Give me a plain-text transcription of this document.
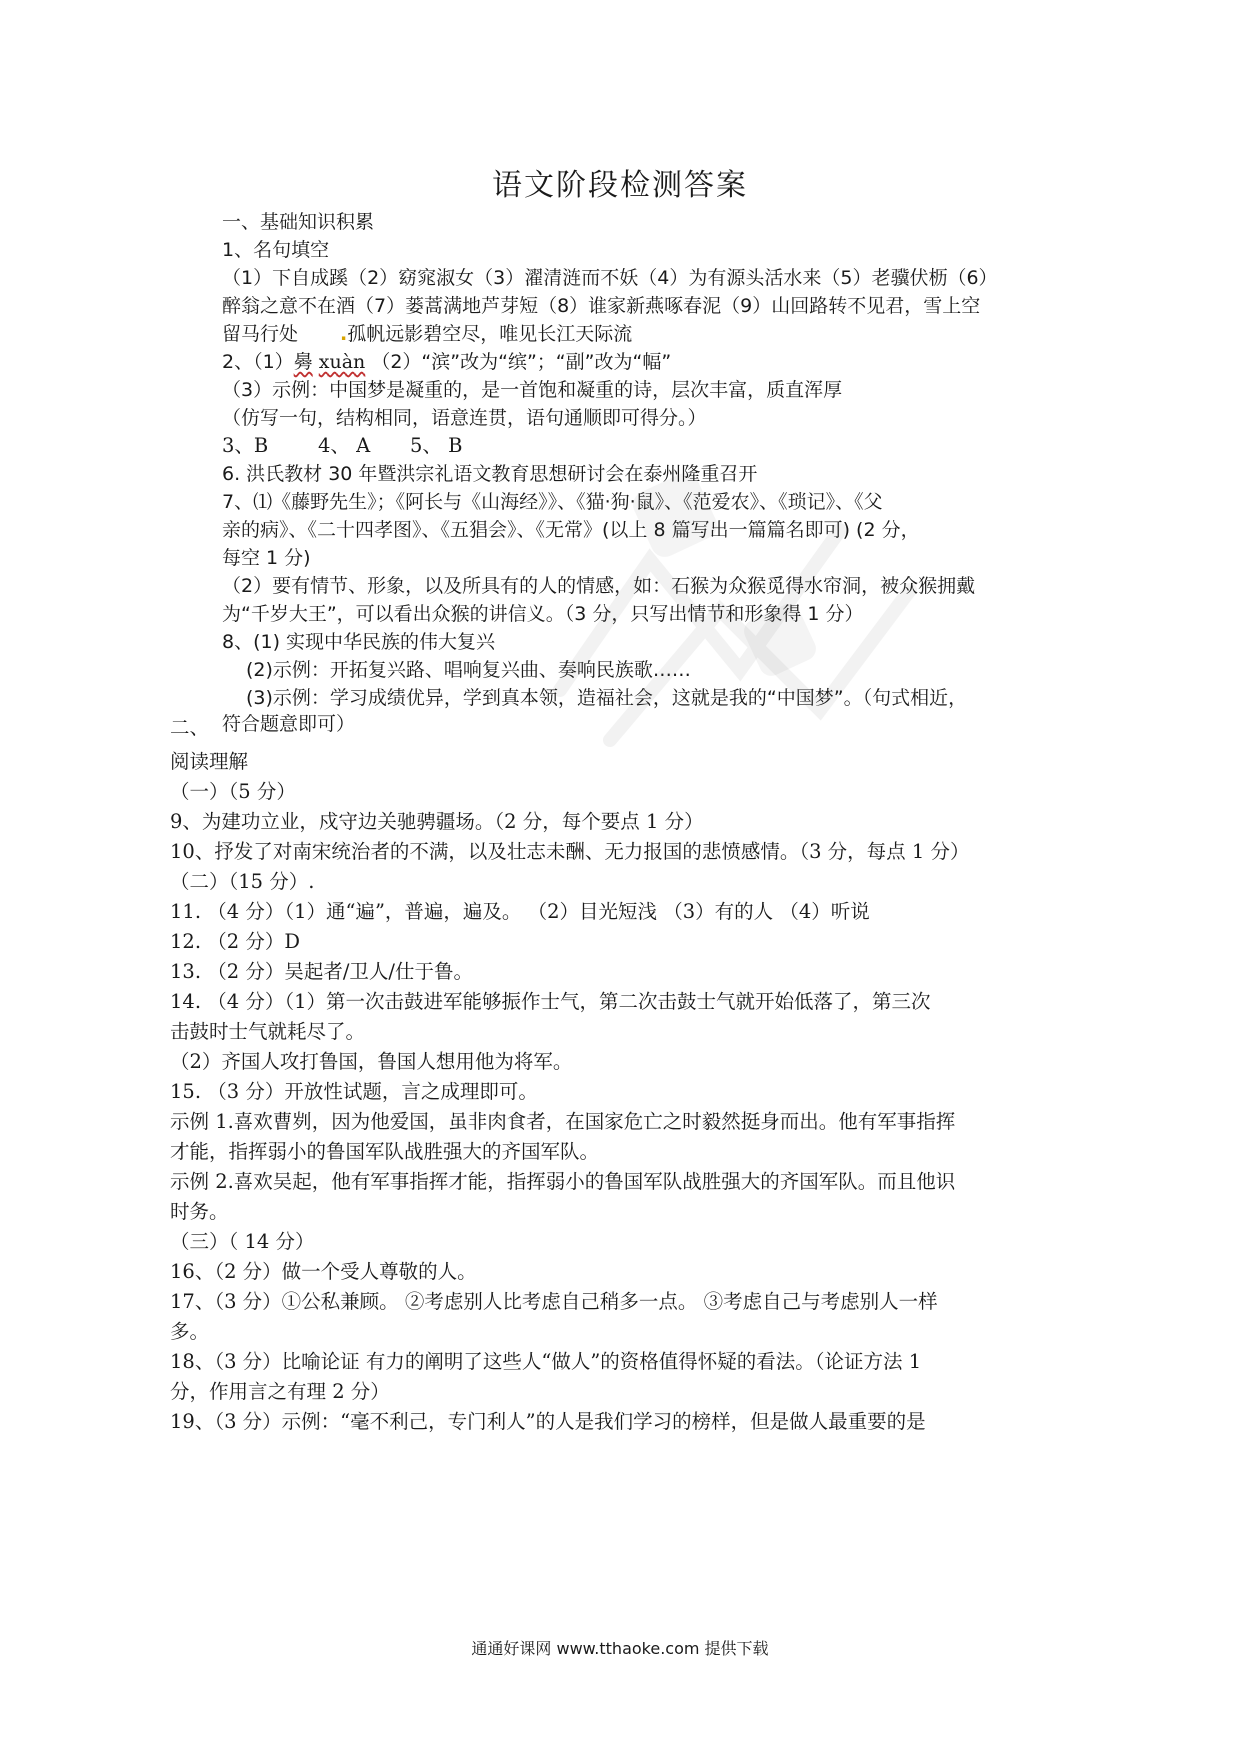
语文阶段检测答案
一、基础知识积累
1、名句填空
（1）下自成蹊（2）窈窕淑女（3）濯清涟而不妖（4）为有源头活水来（5）老骥伏枥（6）
醉翁之意不在酒（7）蒌蒿满地芦芽短（8）谁家新燕啄春泥（9）山回路转不见君，雪上空
留马行处 .孤帆远影碧空尽，唯见长江天际流
2、（1）臱 xuàn （2）“滨”改为“缤”；“副”改为“幅”
（3）示例：中国梦是凝重的，是一首饱和凝重的诗，层次丰富，质直浑厚
（仿写一句，结构相同，语意连贯，语句通顺即可得分。）
3、B	4、 A 5、 B
6. 洪氏教材 30 年暨洪宗礼语文教育思想研讨会在泰州隆重召开
7、⑴《藤野先生》；《阿长与《山海经》》、《猫·狗·鼠》、《范爱农》、《琐记》、《父
亲的病》、《二十四孝图》、《五猖会》、《无常》(以上 8 篇写出一篇篇名即可) (2 分，
每空 1 分)
（2）要有情节、形象，以及所具有的人的情感，如：石猴为众猴觅得水帘洞，被众猴拥戴
为“千岁大王”，可以看出众猴的讲信义。（3 分，只写出情节和形象得 1 分）
8、(1) 实现中华民族的伟大复兴
(2)示例：开拓复兴路、唱响复兴曲、奏响民族歌……
(3)示例：学习成绩优异，学到真本领，造福社会，这就是我的“中国梦”。（句式相近，
二、 符合题意即可）
阅读理解
（一）（5 分）
9、为建功立业，戍守边关驰骋疆场。（2 分，每个要点 1 分）
10、抒发了对南宋统治者的不满，以及壮志未酬、无力报国的悲愤感情。（3 分，每点 1 分）
（二）（15 分）.
11. （4 分）（1）通“遍”，普遍，遍及。 （2）目光短浅 （3）有的人 （4）听说
12. （2 分）D
13. （2 分）吴起者/卫人/仕于鲁。
14. （4 分）（1）第一次击鼓进军能够振作士气，第二次击鼓士气就开始低落了，第三次
击鼓时士气就耗尽了。
（2）齐国人攻打鲁国，鲁国人想用他为将军。
15. （3 分）开放性试题，言之成理即可。
示例 1.喜欢曹刿，因为他爱国，虽非肉食者，在国家危亡之时毅然挺身而出。他有军事指挥
才能，指挥弱小的鲁国军队战胜强大的齐国军队。
示例 2.喜欢吴起，他有军事指挥才能，指挥弱小的鲁国军队战胜强大的齐国军队。而且他识
时务。
（三）（ 14 分）
16、（2 分）做一个受人尊敬的人。
17、（3 分）①公私兼顾。 ②考虑别人比考虑自己稍多一点。 ③考虑自己与考虑别人一样
多。
18、（3 分）比喻论证 有力的阐明了这些人“做人”的资格值得怀疑的看法。（论证方法 1
分，作用言之有理 2 分）
19、（3 分）示例：“毫不利己，专门利人”的人是我们学习的榜样，但是做人最重要的是
通通好课网 www.tthaoke.com 提供下载
